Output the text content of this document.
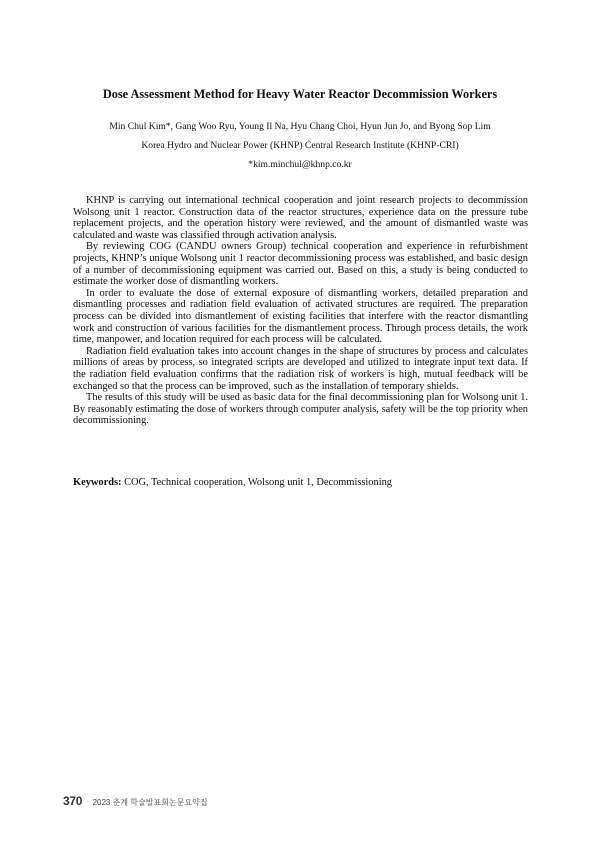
Dose Assessment Method for Heavy Water Reactor Decommission Workers
Min Chul Kim*, Gang Woo Ryu, Young Il Na, Hyu Chang Choi, Hyun Jun Jo, and Byong Sop Lim
Korea Hydro and Nuclear Power (KHNP) Central Research Institute (KHNP-CRI)
*kim.minchul@khnp.co.kr

KHNP is carrying out international technical cooperation and joint research projects to decommission Wolsong unit 1 reactor. Construction data of the reactor structures, experience data on the pressure tube replacement projects, and the operation history were reviewed, and the amount of dismantled waste was calculated and waste was classified through activation analysis.

By reviewing COG (CANDU owners Group) technical cooperation and experience in refurbishment projects, KHNP’s unique Wolsong unit 1 reactor decommissioning process was established, and basic design of a number of decommissioning equipment was carried out. Based on this, a study is being conducted to estimate the worker dose of dismantling workers.

In order to evaluate the dose of external exposure of dismantling workers, detailed preparation and dismantling processes and radiation field evaluation of activated structures are required. The preparation process can be divided into dismantlement of existing facilities that interfere with the reactor dismantling work and construction of various facilities for the dismantlement process. Through process details, the work time, manpower, and location required for each process will be calculated.

Radiation field evaluation takes into account changes in the shape of structures by process and calculates millions of areas by process, so integrated scripts are developed and utilized to integrate input text data. If the radiation field evaluation confirms that the radiation risk of workers is high, mutual feedback will be exchanged so that the process can be improved, such as the installation of temporary shields.

The results of this study will be used as basic data for the final decommissioning plan for Wolsong unit 1. By reasonably estimating the dose of workers through computer analysis, safety will be the top priority when decommissioning.

Keywords: COG, Technical cooperation, Wolsong unit 1, Decommissioning
370 2023 춘계 학술발표회논문요약집
